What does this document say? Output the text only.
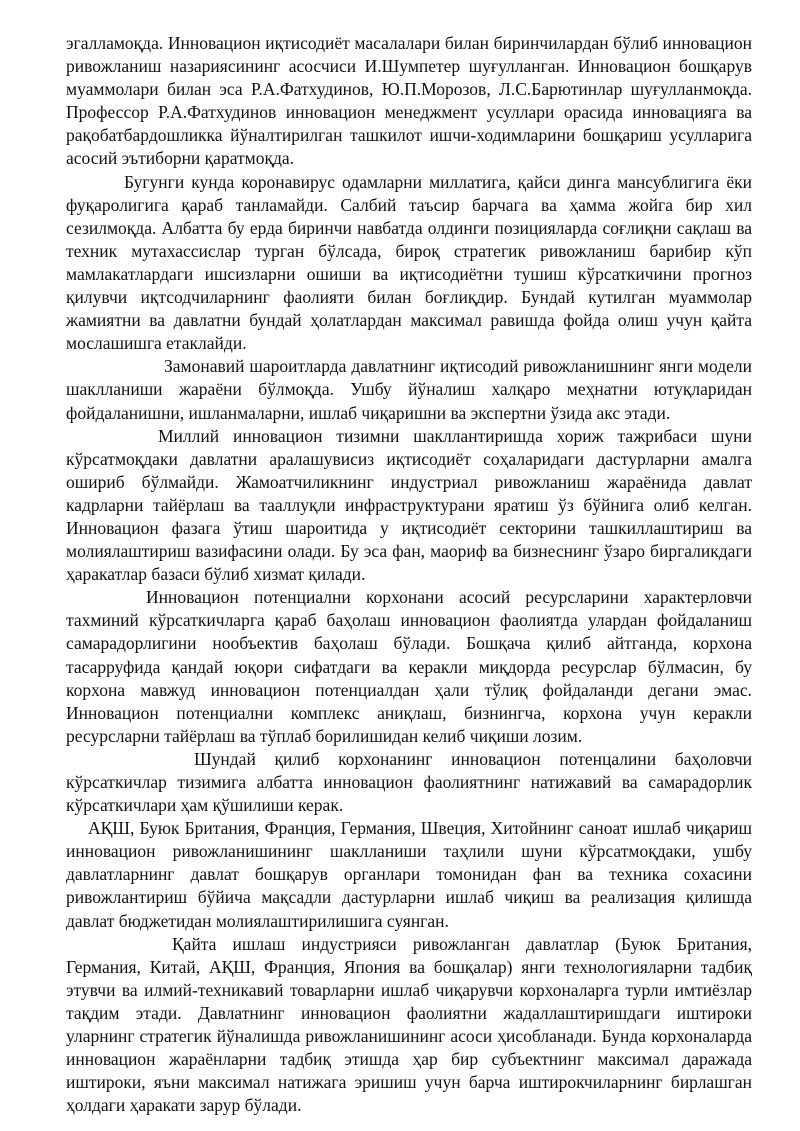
эгалламоқда. Инновацион иқтисодиёт масалалари билан биринчилардан бўлиб инновацион ривожланиш назариясининг асосчиси И.Шумпетер шуғулланган. Инновацион бошқарув муаммолари билан эса Р.А.Фатхудинов, Ю.П.Морозов, Л.С.Барютинлар шуғулланмоқда. Профессор Р.А.Фатхудинов инновацион менеджмент усуллари орасида инновацияга ва рақобатбардошликка йўналтирилган ташкилот ишчи-ходимларини бошқариш усулларига асосий эътиборни қаратмоқда.

Бугунги кунда коронавирус одамларни миллатига, қайси динга мансублигига ёки фуқаролигига қараб танламайди. Салбий таъсир барчага ва ҳамма жойга бир хил сезилмоқда. Албатта бу ерда биринчи навбатда олдинги позицияларда соғлиқни сақлаш ва техник мутахассислар турган бўлсада, бироқ стратегик ривожланиш барибир кўп мамлакатлардаги ишсизларни ошиши ва иқтисодиётни тушиш кўрсаткичини прогноз қилувчи иқтсодчиларнинг фаолияти билан боғлиқдир. Бундай кутилган муаммолар жамиятни ва давлатни бундай ҳолатлардан максимал равишда фойда олиш учун қайта мослашишга етаклайди.

Замонавий шароитларда давлатнинг иқтисодий ривожланишнинг янги модели шаклланиши жараёни бўлмоқда. Ушбу йўналиш халқаро меҳнатни ютуқларидан фойдаланишни, ишланмаларни, ишлаб чиқаришни ва экспертни ўзида акс этади.

Миллий инновацион тизимни шакллантиришда хориж тажрибаси шуни кўрсатмоқдаки давлатни аралашувисиз иқтисодиёт соҳаларидаги дастурларни амалга ошириб бўлмайди. Жамоатчиликнинг индустриал ривожланиш жараёнида давлат кадрларни тайёрлаш ва тааллуқли инфраструктурани яратиш ўз бўйнига олиб келган. Инновацион фазага ўтиш шароитида у иқтисодиёт секторини ташкиллаштириш ва молиялаштириш вазифасини олади. Бу эса фан, маориф ва бизнеснинг ўзаро биргаликдаги ҳаракатлар базаси бўлиб хизмат қилади.

Инновацион потенциални корхонани асосий ресурсларини характерловчи тахминий кўрсаткичларга қараб баҳолаш инновацион фаолиятда улардан фойдаланиш самарадорлигини нообъектив баҳолаш бўлади. Бошқача қилиб айтганда, корхона тасарруфида қандай юқори сифатдаги ва керакли миқдорда ресурслар бўлмасин, бу корхона мавжуд инновацион потенциалдан ҳали тўлиқ фойдаланди дегани эмас. Инновацион потенциални комплекс аниқлаш, бизнингча, корхона учун керакли ресурсларни тайёрлаш ва тўплаб борилишидан келиб чиқиши лозим.

Шундай қилиб корхонанинг инновацион потенцалини баҳоловчи кўрсаткичлар тизимига албатта инновацион фаолиятнинг натижавий ва самарадорлик кўрсаткичлари ҳам қўшилиши керак.

АҚШ, Буюк Британия, Франция, Германия, Швеция, Хитойнинг саноат ишлаб чиқариш инновацион ривожланишининг шаклланиши таҳлили шуни кўрсатмоқдаки, ушбу давлатларнинг давлат бошқарув органлари томонидан фан ва техника сохасини ривожлантириш бўйича мақсадли дастурларни ишлаб чиқиш ва реализация қилишда давлат бюджетидан молиялаштирилишига суянган.

Қайта ишлаш индустрияси ривожланган давлатлар (Буюк Британия, Германия, Китай, АҚШ, Франция, Япония ва бошқалар) янги технологияларни тадбиқ этувчи ва илмий-техникавий товарларни ишлаб чиқарувчи корхоналарга турли имтиёзлар тақдим этади. Давлатнинг инновацион фаолиятни жадаллаштиришдаги иштироки уларнинг стратегик йўналишда ривожланишининг асоси ҳисобланади. Бунда корхоналарда инновацион жараёнларни тадбиқ этишда ҳар бир субъектнинг максимал даражада иштироки, яъни максимал натижага эришиш учун барча иштирокчиларнинг бирлашган ҳолдаги ҳаракати зарур бўлади.
